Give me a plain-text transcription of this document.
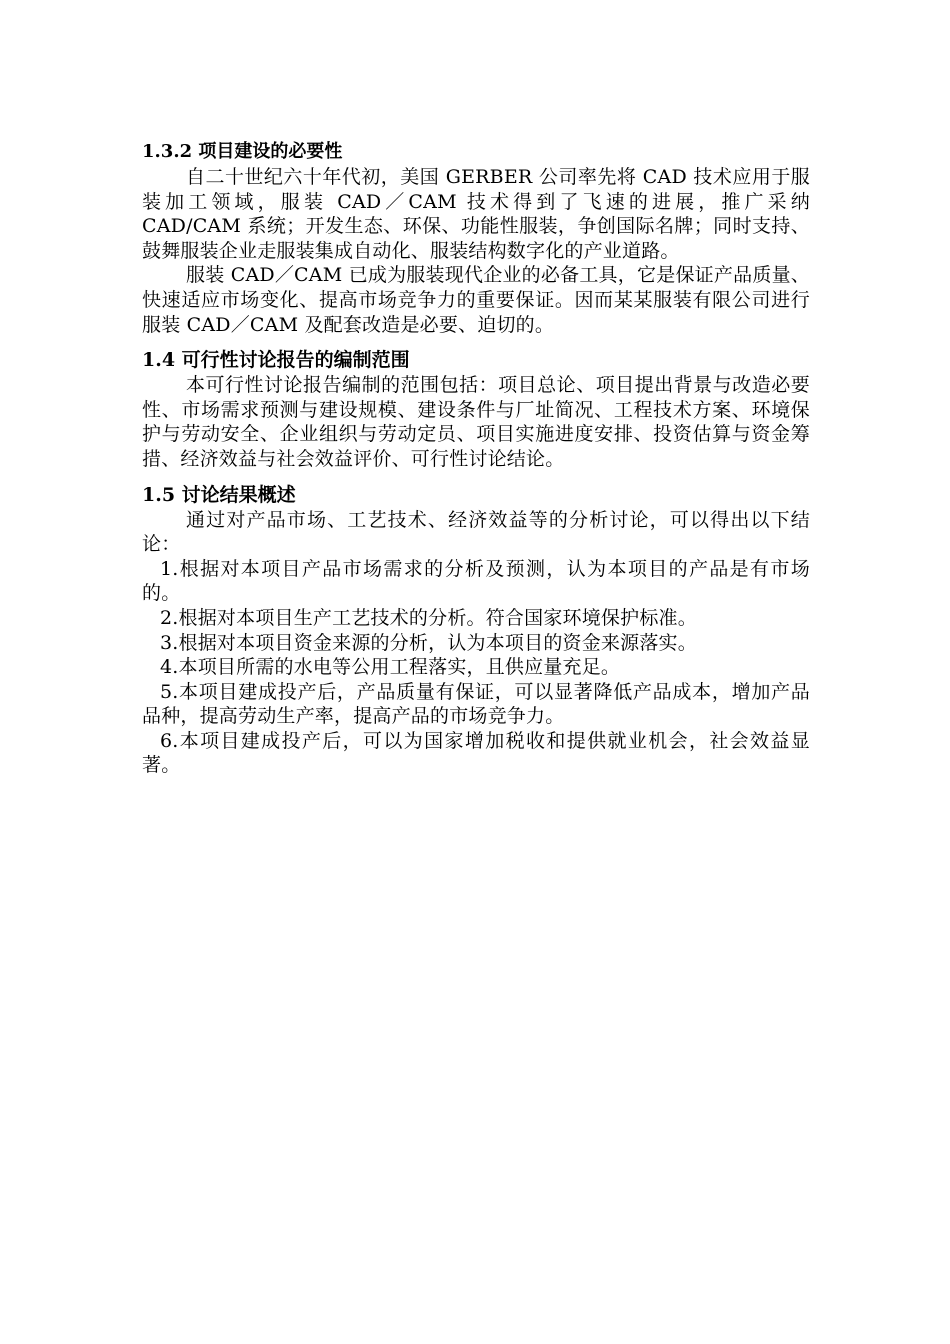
1.3.2 项目建设的必要性

自二十世纪六十年代初，美国 GERBER 公司率先将 CAD 技术应用于服装加工领域，服装 CAD／CAM 技术得到了飞速的进展，推广采纳 CAD/CAM 系统；开发生态、环保、功能性服装，争创国际名牌；同时支持、鼓舞服装企业走服装集成自动化、服装结构数字化的产业道路。

服装 CAD／CAM 已成为服装现代企业的必备工具，它是保证产品质量、快速适应市场变化、提高市场竞争力的重要保证。因而某某服装有限公司进行服装 CAD／CAM 及配套改造是必要、迫切的。

1.4 可行性讨论报告的编制范围

本可行性讨论报告编制的范围包括：项目总论、项目提出背景与改造必要性、市场需求预测与建设规模、建设条件与厂址简况、工程技术方案、环境保护与劳动安全、企业组织与劳动定员、项目实施进度安排、投资估算与资金筹措、经济效益与社会效益评价、可行性讨论结论。

1.5 讨论结果概述

通过对产品市场、工艺技术、经济效益等的分析讨论，可以得出以下结论：

1.根据对本项目产品市场需求的分析及预测，认为本项目的产品是有市场的。
2.根据对本项目生产工艺技术的分析。符合国家环境保护标准。
3.根据对本项目资金来源的分析，认为本项目的资金来源落实。
4.本项目所需的水电等公用工程落实，且供应量充足。
5.本项目建成投产后，产品质量有保证，可以显著降低产品成本，增加产品品种，提高劳动生产率，提高产品的市场竞争力。
6.本项目建成投产后，可以为国家增加税收和提供就业机会，社会效益显著。
